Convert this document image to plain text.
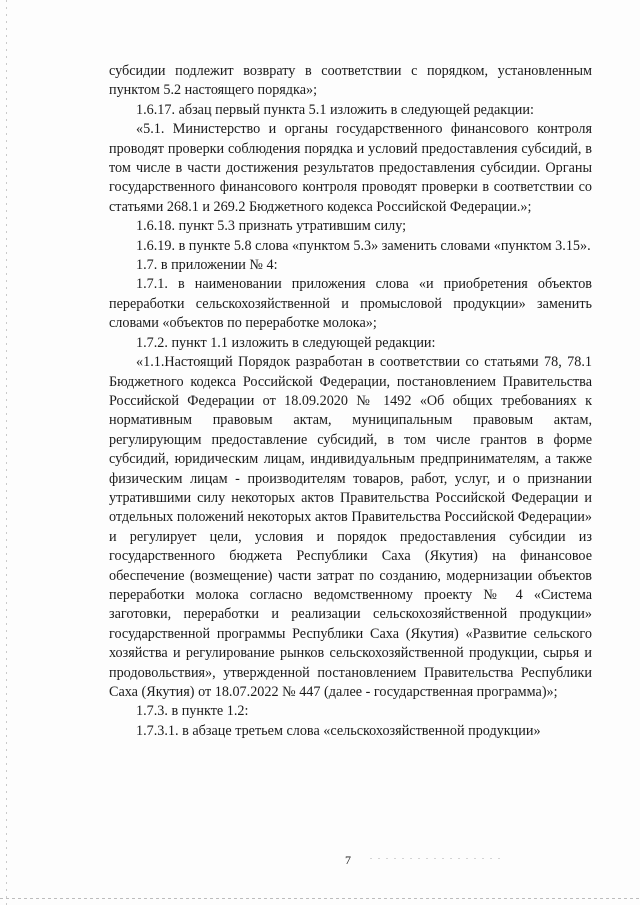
субсидии подлежит возврату в соответствии с порядком, установленным пунктом 5.2 настоящего порядка»;

1.6.17. абзац первый пункта 5.1 изложить в следующей редакции:

«5.1. Министерство и органы государственного финансового контроля проводят проверки соблюдения порядка и условий предоставления субсидий, в том числе в части достижения результатов предоставления субсидии. Органы государственного финансового контроля проводят проверки в соответствии со статьями 268.1 и 269.2 Бюджетного кодекса Российской Федерации.»;

1.6.18. пункт 5.3 признать утратившим силу;

1.6.19. в пункте 5.8 слова «пунктом 5.3» заменить словами «пунктом 3.15».

1.7. в приложении № 4:

1.7.1. в наименовании приложения слова «и приобретения объектов переработки сельскохозяйственной и промысловой продукции» заменить словами «объектов по переработке молока»;

1.7.2. пункт 1.1 изложить в следующей редакции:

«1.1.Настоящий Порядок разработан в соответствии со статьями 78, 78.1 Бюджетного кодекса Российской Федерации, постановлением Правительства Российской Федерации от 18.09.2020 № 1492 «Об общих требованиях к нормативным правовым актам, муниципальным правовым актам, регулирующим предоставление субсидий, в том числе грантов в форме субсидий, юридическим лицам, индивидуальным предпринимателям, а также физическим лицам - производителям товаров, работ, услуг, и о признании утратившими силу некоторых актов Правительства Российской Федерации и отдельных положений некоторых актов Правительства Российской Федерации» и регулирует цели, условия и порядок предоставления субсидии из государственного бюджета Республики Саха (Якутия) на финансовое обеспечение (возмещение) части затрат по созданию, модернизации объектов переработки молока согласно ведомственному проекту № 4 «Система заготовки, переработки и реализации сельскохозяйственной продукции» государственной программы Республики Саха (Якутия) «Развитие сельского хозяйства и регулирование рынков сельскохозяйственной продукции, сырья и продовольствия», утвержденной постановлением Правительства Республики Саха (Якутия) от 18.07.2022 № 447 (далее - государственная программа)»;

1.7.3. в пункте 1.2:

1.7.3.1. в абзаце третьем слова «сельскохозяйственной продукции»

7
